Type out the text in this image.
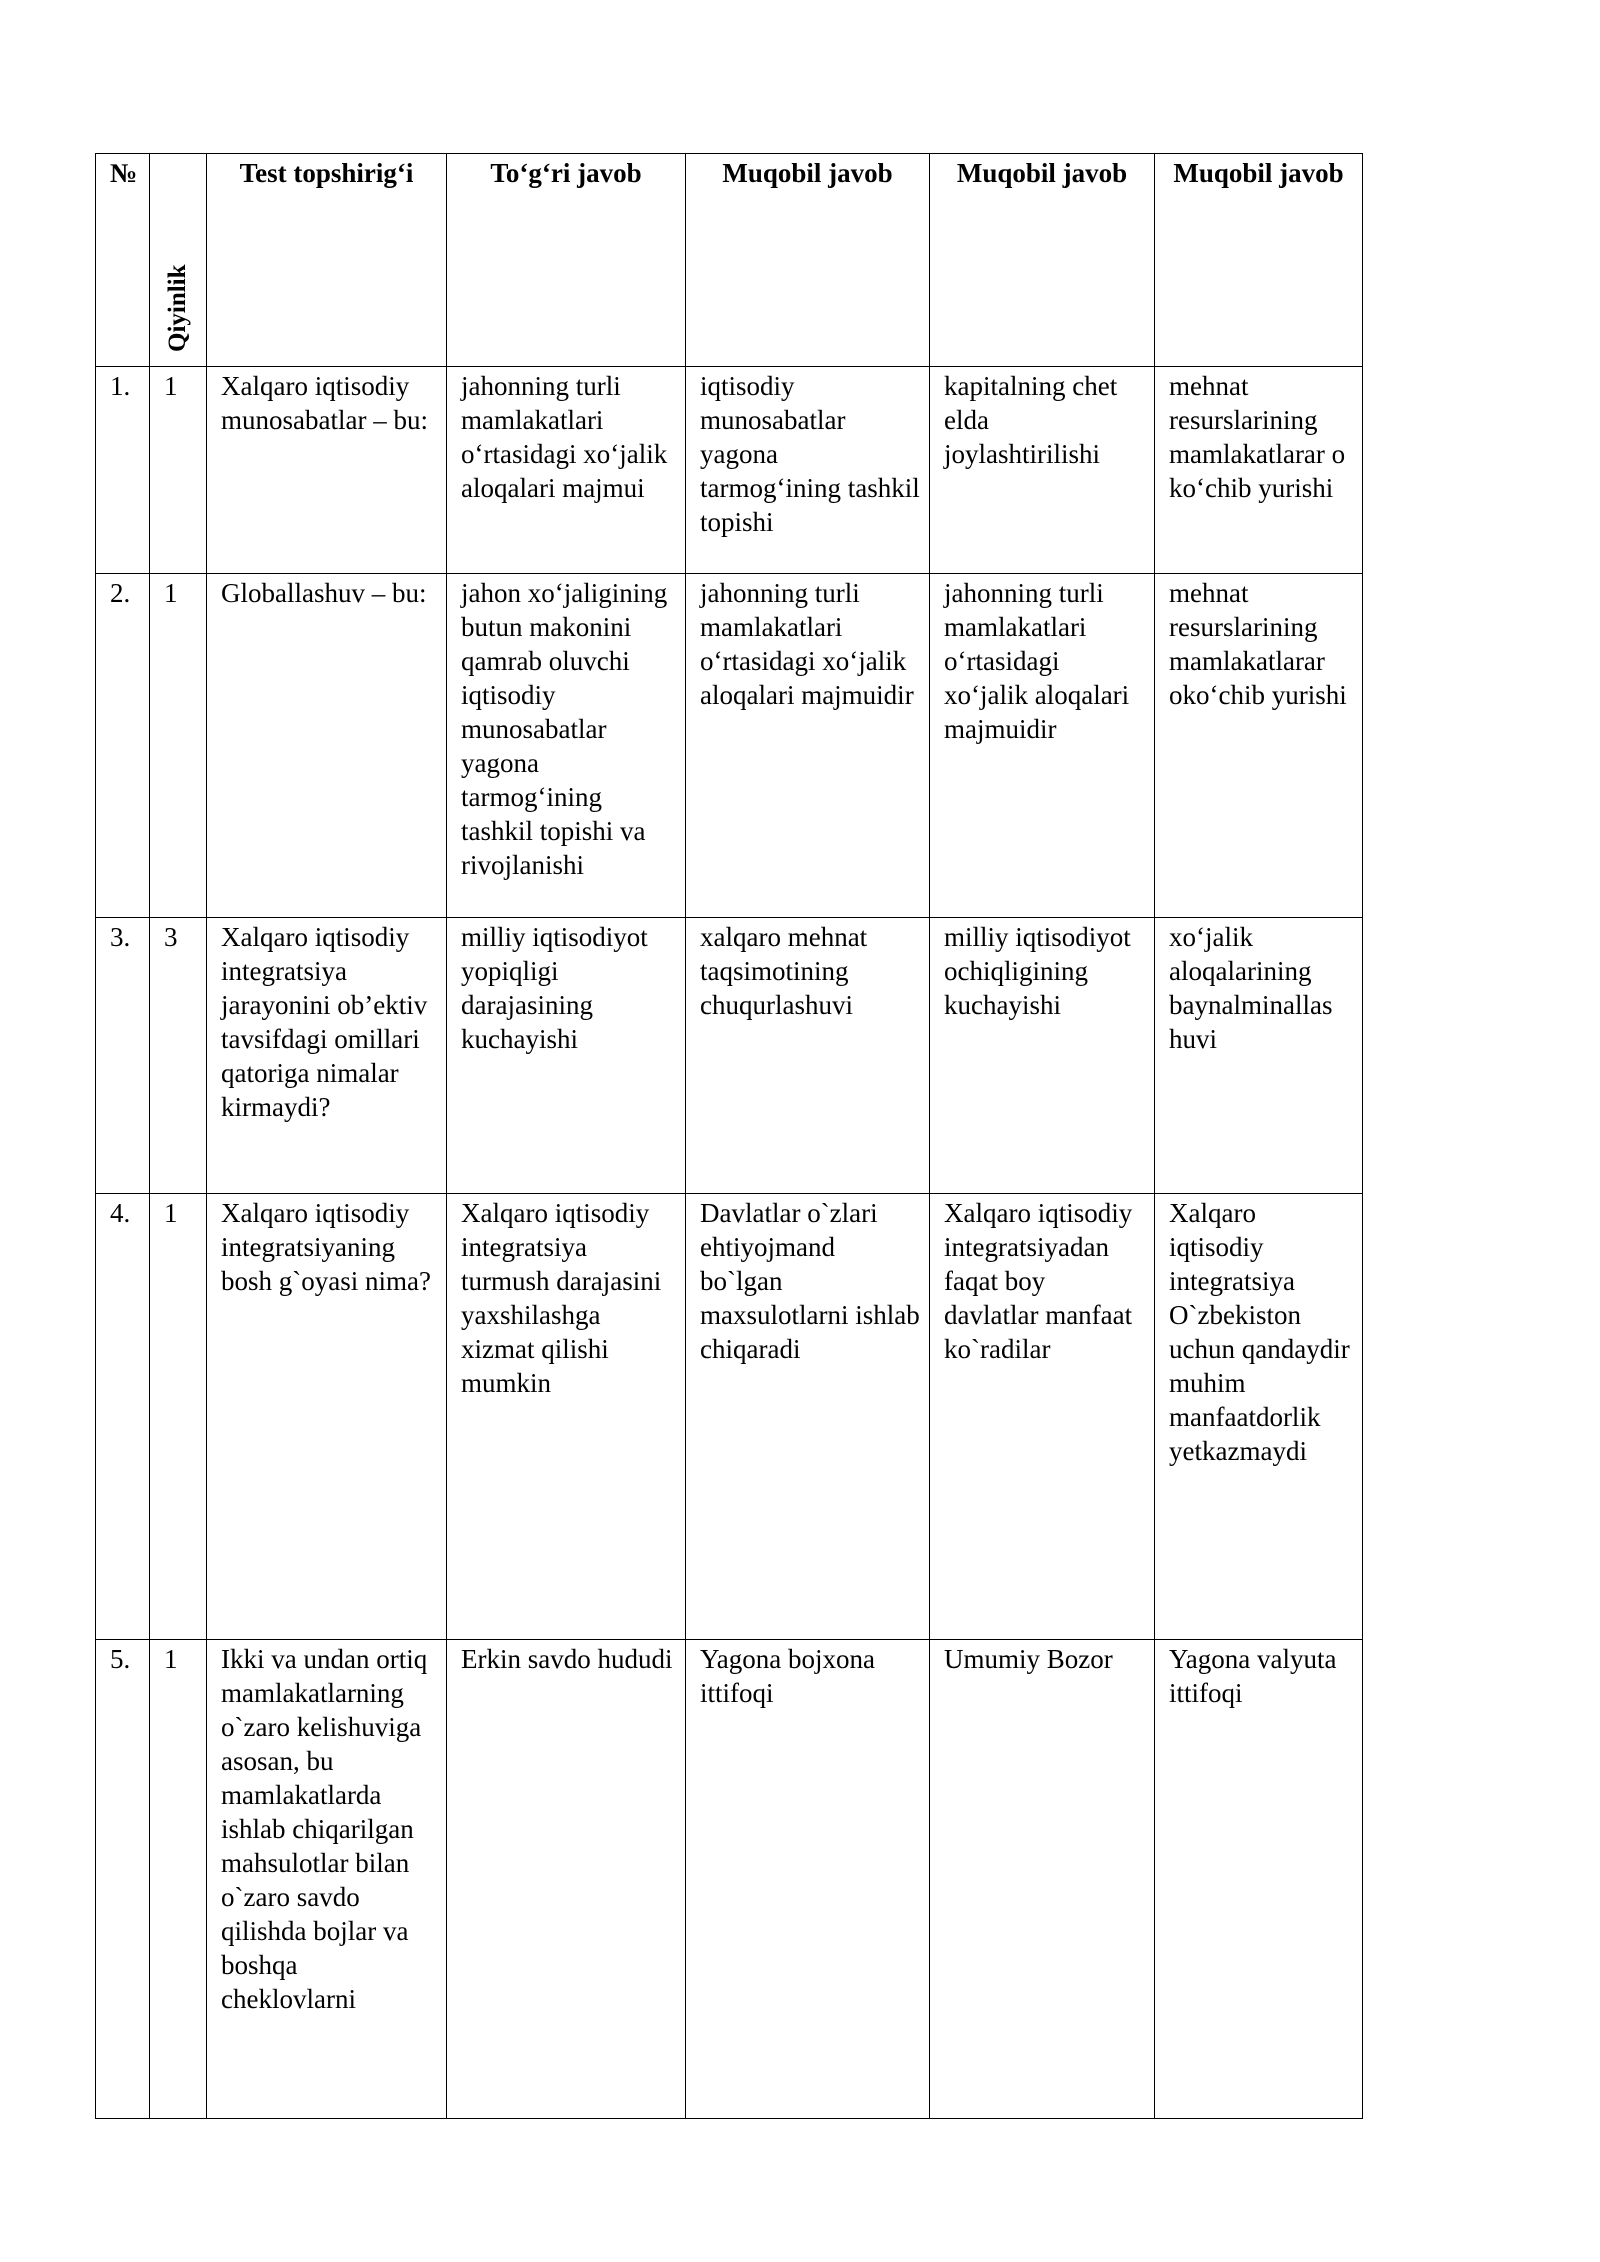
№	Qiyinlik	Test topshirig‘i	To‘g‘ri javob	Muqobil javob	Muqobil javob	Muqobil javob
1.	1	Xalqaro iqtisodiy munosabatlar – bu:	jahonning turli mamlakatlari o‘rtasidagi xo‘jalik aloqalari majmui	iqtisodiy munosabatlar yagona tarmog‘ining tashkil topishi	kapitalning chet elda joylashtirilishi	mehnat resurslarining mamlakatlarar o ko‘chib yurishi
2.	1	Globallashuv – bu:	jahon xo‘jaligining butun makonini qamrab oluvchi iqtisodiy munosabatlar yagona tarmog‘ining tashkil topishi va rivojlanishi	jahonning turli mamlakatlari o‘rtasidagi xo‘jalik aloqalari majmuidir	jahonning turli mamlakatlari o‘rtasidagi xo‘jalik aloqalari majmuidir	mehnat resurslarining mamlakatlarar oko‘chib yurishi
3.	3	Xalqaro iqtisodiy integratsiya jarayonini ob’ektiv tavsifdagi omillari qatoriga nimalar kirmaydi?	milliy iqtisodiyot yopiqligi darajasining kuchayishi	xalqaro mehnat taqsimotining chuqurlashuvi	milliy iqtisodiyot ochiqligining kuchayishi	xo‘jalik aloqalarining baynalminallas huvi
4.	1	Xalqaro iqtisodiy integratsiyaning bosh g`oyasi nima?	Xalqaro iqtisodiy integratsiya turmush darajasini yaxshilashga xizmat qilishi mumkin	Davlatlar o`zlari ehtiyojmand bo`lgan maxsulotlarni ishlab chiqaradi	Xalqaro iqtisodiy integratsiyadan faqat boy davlatlar manfaat ko`radilar	Xalqaro iqtisodiy integratsiya O`zbekiston uchun qandaydir muhim manfaatdorlik yetkazmaydi
5.	1	Ikki va undan ortiq mamlakatlarning o`zaro kelishuviga asosan, bu mamlakatlarda ishlab chiqarilgan mahsulotlar bilan o`zaro savdo qilishda bojlar va boshqa cheklovlarni	Erkin savdo hududi	Yagona bojxona ittifoqi	Umumiy Bozor	Yagona valyuta ittifoqi
